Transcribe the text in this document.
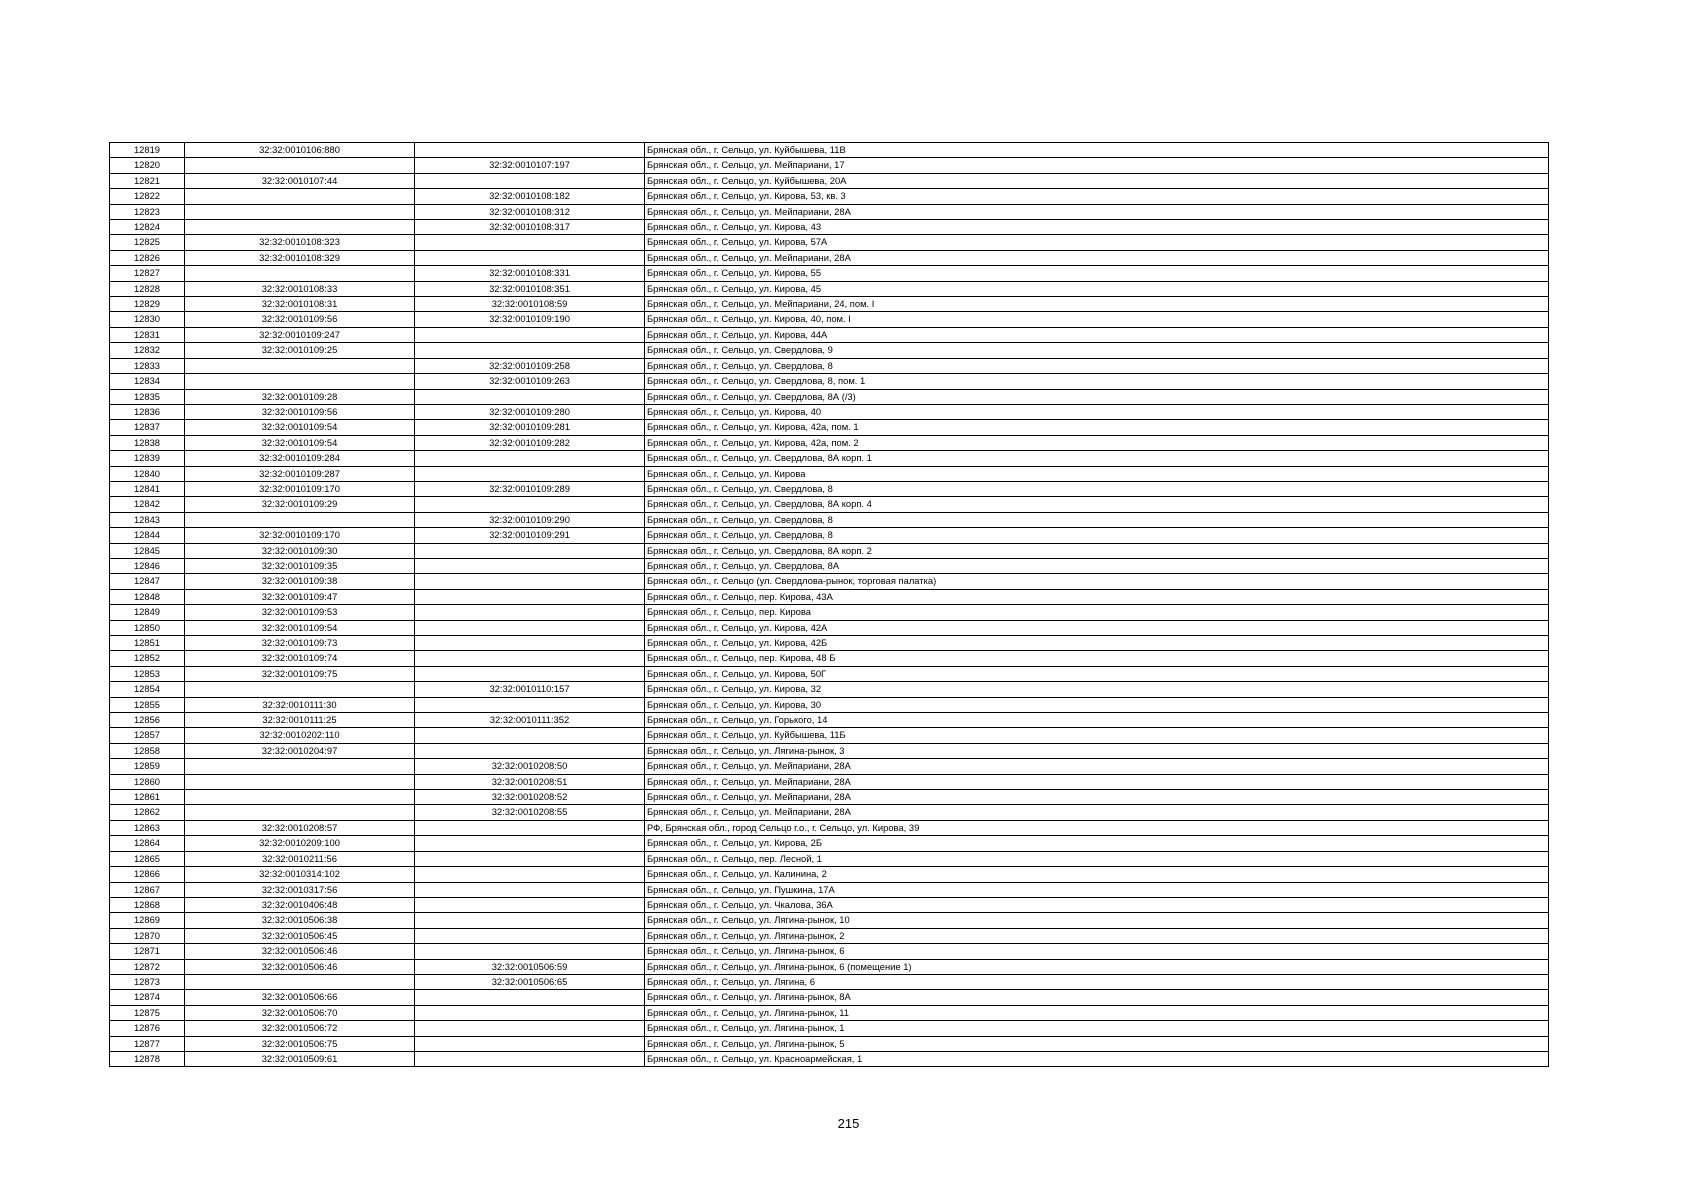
12819	32:32:0010106:880		Брянская обл., г. Сельцо, ул. Куйбышева, 11В
12820		32:32:0010107:197	Брянская обл., г. Сельцо, ул. Мейпариани, 17
12821	32:32:0010107:44		Брянская обл., г. Сельцо, ул. Куйбышева, 20А
12822		32:32:0010108:182	Брянская обл., г. Сельцо, ул. Кирова, 53, кв. 3
12823		32:32:0010108:312	Брянская обл., г. Сельцо, ул. Мейпариани, 28А
12824		32:32:0010108:317	Брянская обл., г. Сельцо, ул. Кирова, 43
12825	32:32:0010108:323		Брянская обл., г. Сельцо, ул. Кирова, 57А
12826	32:32:0010108:329		Брянская обл., г. Сельцо, ул. Мейпариани, 28А
12827		32:32:0010108:331	Брянская обл., г. Сельцо, ул. Кирова, 55
12828	32:32:0010108:33	32:32:0010108:351	Брянская обл., г. Сельцо, ул. Кирова, 45
12829	32:32:0010108:31	32:32:0010108:59	Брянская обл., г. Сельцо, ул. Мейпариани, 24, пом. I
12830	32:32:0010109:56	32:32:0010109:190	Брянская обл., г. Сельцо, ул. Кирова, 40, пом. I
12831	32:32:0010109:247		Брянская обл., г. Сельцо, ул. Кирова, 44А
12832	32:32:0010109:25		Брянская обл., г. Сельцо, ул. Свердлова, 9
12833		32:32:0010109:258	Брянская обл., г. Сельцо, ул. Свердлова, 8
12834		32:32:0010109:263	Брянская обл., г. Сельцо, ул. Свердлова, 8, пом. 1
12835	32:32:0010109:28		Брянская обл., г. Сельцо, ул. Свердлова, 8А (/3)
12836	32:32:0010109:56	32:32:0010109:280	Брянская обл., г. Сельцо, ул. Кирова, 40
12837	32:32:0010109:54	32:32:0010109:281	Брянская обл., г. Сельцо, ул. Кирова, 42а, пом. 1
12838	32:32:0010109:54	32:32:0010109:282	Брянская обл., г. Сельцо, ул. Кирова, 42а, пом. 2
12839	32:32:0010109:284		Брянская обл., г. Сельцо, ул. Свердлова, 8А корп. 1
12840	32:32:0010109:287		Брянская обл., г. Сельцо, ул. Кирова
12841	32:32:0010109:170	32:32:0010109:289	Брянская обл., г. Сельцо, ул. Свердлова, 8
12842	32:32:0010109:29		Брянская обл., г. Сельцо, ул. Свердлова, 8А корп. 4
12843		32:32:0010109:290	Брянская обл., г. Сельцо, ул. Свердлова, 8
12844	32:32:0010109:170	32:32:0010109:291	Брянская обл., г. Сельцо, ул. Свердлова, 8
12845	32:32:0010109:30		Брянская обл., г. Сельцо, ул. Свердлова, 8А корп. 2
12846	32:32:0010109:35		Брянская обл., г. Сельцо, ул. Свердлова, 8А
12847	32:32:0010109:38		Брянская обл., г. Сельцо (ул. Свердлова-рынок, торговая палатка)
12848	32:32:0010109:47		Брянская обл., г. Сельцо, пер. Кирова, 43А
12849	32:32:0010109:53		Брянская обл., г. Сельцо, пер. Кирова
12850	32:32:0010109:54		Брянская обл., г. Сельцо, ул. Кирова, 42А
12851	32:32:0010109:73		Брянская обл., г. Сельцо, ул. Кирова, 42Б
12852	32:32:0010109:74		Брянская обл., г. Сельцо, пер. Кирова, 48 Б
12853	32:32:0010109:75		Брянская обл., г. Сельцо, ул. Кирова, 50Г
12854		32:32:0010110:157	Брянская обл., г. Сельцо, ул. Кирова, 32
12855	32:32:0010111:30		Брянская обл., г. Сельцо, ул. Кирова, 30
12856	32:32:0010111:25	32:32:0010111:352	Брянская обл., г. Сельцо, ул. Горького, 14
12857	32:32:0010202:110		Брянская обл., г. Сельцо, ул. Куйбышева, 11Б
12858	32:32:0010204:97		Брянская обл., г. Сельцо, ул. Лягина-рынок, 3
12859		32:32:0010208:50	Брянская обл., г. Сельцо, ул. Мейпариани, 28А
12860		32:32:0010208:51	Брянская обл., г. Сельцо, ул. Мейпариани, 28А
12861		32:32:0010208:52	Брянская обл., г. Сельцо, ул. Мейпариани, 28А
12862		32:32:0010208:55	Брянская обл., г. Сельцо, ул. Мейпариани, 28А
12863	32:32:0010208:57		РФ, Брянская обл., город Сельцо г.о., г. Сельцо, ул. Кирова, 39
12864	32:32:0010209:100		Брянская обл., г. Сельцо, ул. Кирова, 2Б
12865	32:32:0010211:56		Брянская обл., г. Сельцо, пер. Лесной, 1
12866	32:32:0010314:102		Брянская обл., г. Сельцо, ул. Калинина, 2
12867	32:32:0010317:56		Брянская обл., г. Сельцо, ул. Пушкина, 17А
12868	32:32:0010406:48		Брянская обл., г. Сельцо, ул. Чкалова, 36А
12869	32:32:0010506:38		Брянская обл., г. Сельцо, ул. Лягина-рынок, 10
12870	32:32:0010506:45		Брянская обл., г. Сельцо, ул. Лягина-рынок, 2
12871	32:32:0010506:46		Брянская обл., г. Сельцо, ул. Лягина-рынок, 6
12872	32:32:0010506:46	32:32:0010506:59	Брянская обл., г. Сельцо, ул. Лягина-рынок, 6 (помещение 1)
12873		32:32:0010506:65	Брянская обл., г. Сельцо, ул. Лягина, 6
12874	32:32:0010506:66		Брянская обл., г. Сельцо, ул. Лягина-рынок, 8А
12875	32:32:0010506:70		Брянская обл., г. Сельцо, ул. Лягина-рынок, 11
12876	32:32:0010506:72		Брянская обл., г. Сельцо, ул. Лягина-рынок, 1
12877	32:32:0010506:75		Брянская обл., г. Сельцо, ул. Лягина-рынок, 5
12878	32:32:0010509:61		Брянская обл., г. Сельцо, ул. Красноармейская, 1
215
